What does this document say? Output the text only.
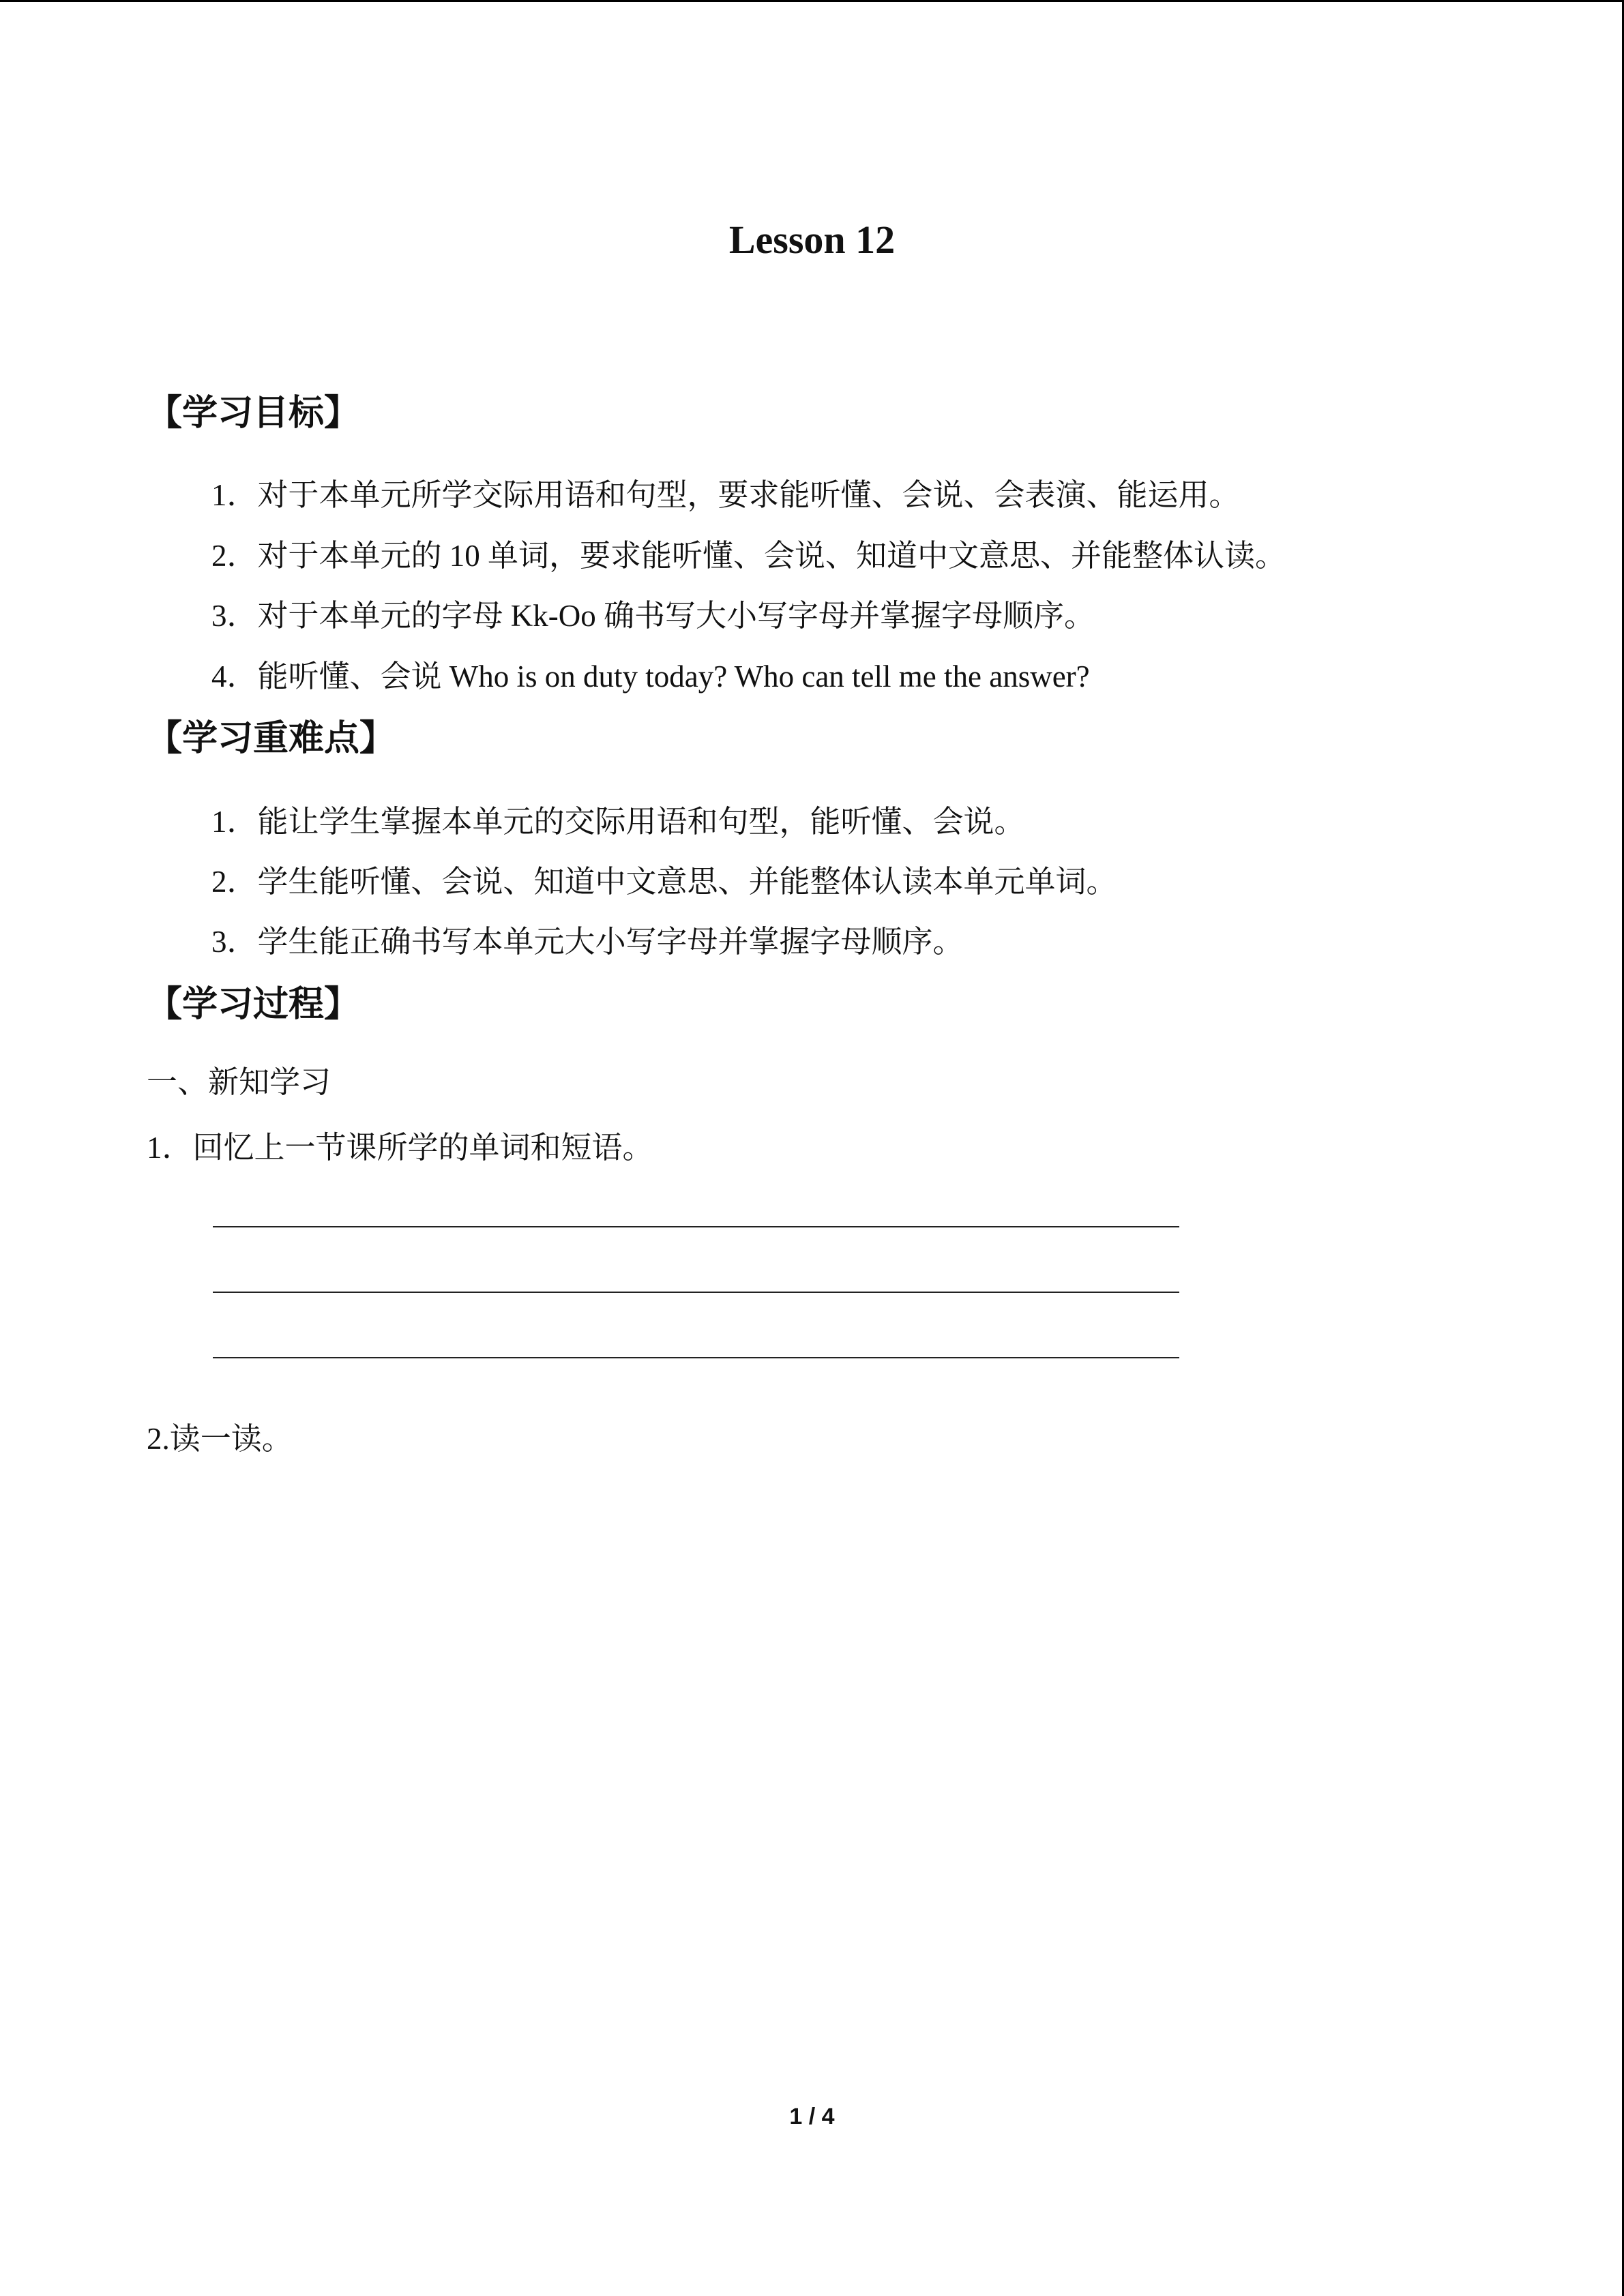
Lesson 12
【学习目标】
1．对于本单元所学交际用语和句型，要求能听懂、会说、会表演、能运用。
2．对于本单元的 10 单词，要求能听懂、会说、知道中文意思、并能整体认读。
3．对于本单元的字母 Kk-Oo 确书写大小写字母并掌握字母顺序。
4．能听懂、会说 Who is on duty today? Who can tell me the answer?
【学习重难点】
1．能让学生掌握本单元的交际用语和句型，能听懂、会说。
2．学生能听懂、会说、知道中文意思、并能整体认读本单元单词。
3．学生能正确书写本单元大小写字母并掌握字母顺序。
【学习过程】
一、新知学习
1．回忆上一节课所学的单词和短语。
2.读一读。
1 / 4
